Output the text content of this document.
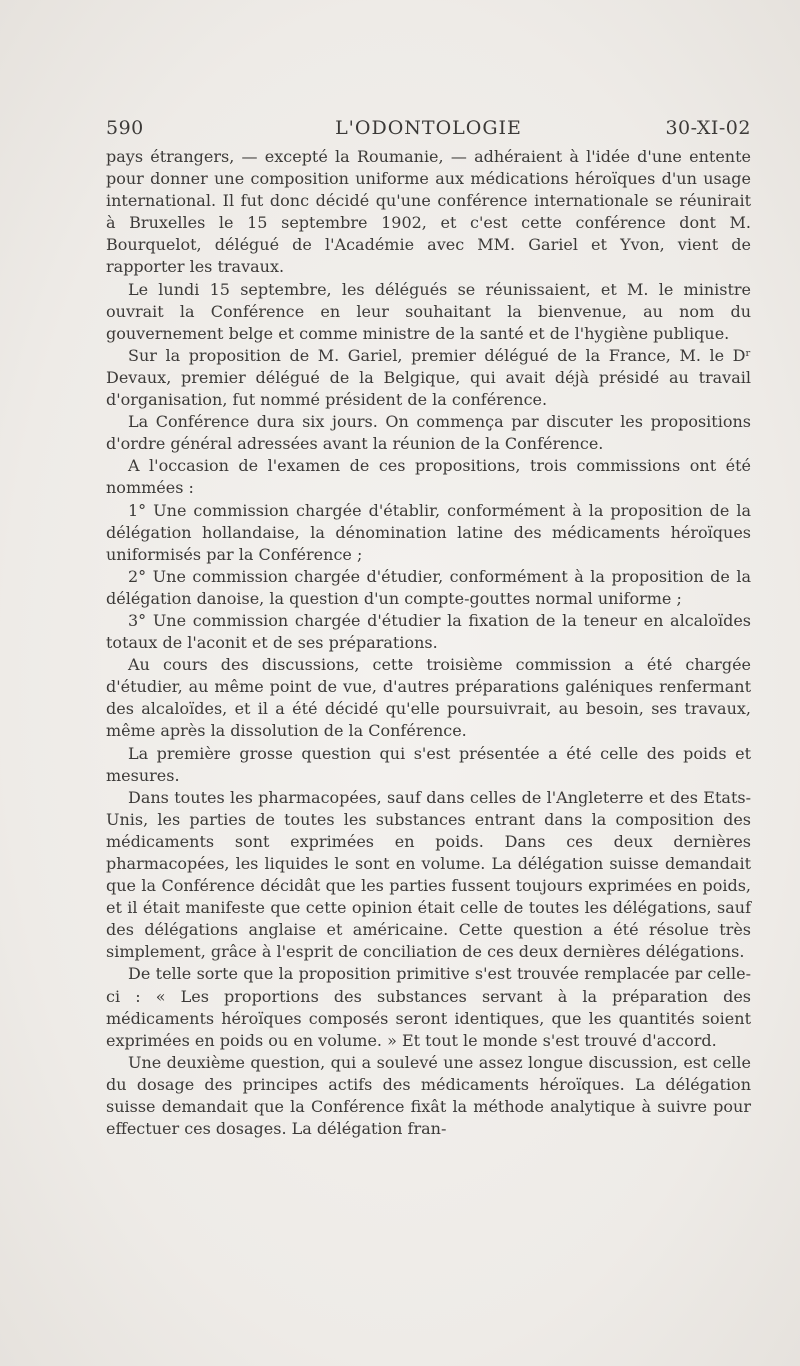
590	L'ODONTOLOGIE	30-XI-02

pays étrangers, — excepté la Roumanie, — adhéraient à l'idée d'une entente pour donner une composition uniforme aux médications héroïques d'un usage international. Il fut donc décidé qu'une conférence internationale se réunirait à Bruxelles le 15 septembre 1902, et c'est cette conférence dont M. Bourquelot, délégué de l'Académie avec MM. Gariel et Yvon, vient de rapporter les travaux.

Le lundi 15 septembre, les délégués se réunissaient, et M. le ministre ouvrait la Conférence en leur souhaitant la bienvenue, au nom du gouvernement belge et comme ministre de la santé et de l'hygiène publique.

Sur la proposition de M. Gariel, premier délégué de la France, M. le Dʳ Devaux, premier délégué de la Belgique, qui avait déjà présidé au travail d'organisation, fut nommé président de la conférence.

La Conférence dura six jours. On commença par discuter les propositions d'ordre général adressées avant la réunion de la Conférence.

A l'occasion de l'examen de ces propositions, trois commissions ont été nommées :

1° Une commission chargée d'établir, conformément à la proposition de la délégation hollandaise, la dénomination latine des médicaments héroïques uniformisés par la Conférence ;

2° Une commission chargée d'étudier, conformément à la proposition de la délégation danoise, la question d'un compte-gouttes normal uniforme ;

3° Une commission chargée d'étudier la fixation de la teneur en alcaloïdes totaux de l'aconit et de ses préparations.

Au cours des discussions, cette troisième commission a été chargée d'étudier, au même point de vue, d'autres préparations galéniques renfermant des alcaloïdes, et il a été décidé qu'elle poursuivrait, au besoin, ses travaux, même après la dissolution de la Conférence.

La première grosse question qui s'est présentée a été celle des poids et mesures.

Dans toutes les pharmacopées, sauf dans celles de l'Angleterre et des Etats-Unis, les parties de toutes les substances entrant dans la composition des médicaments sont exprimées en poids. Dans ces deux dernières pharmacopées, les liquides le sont en volume. La délégation suisse demandait que la Conférence décidât que les parties fussent toujours exprimées en poids, et il était manifeste que cette opinion était celle de toutes les délégations, sauf des délégations anglaise et américaine. Cette question a été résolue très simplement, grâce à l'esprit de conciliation de ces deux dernières délégations.

De telle sorte que la proposition primitive s'est trouvée remplacée par celle-ci : « Les proportions des substances servant à la préparation des médicaments héroïques composés seront identiques, que les quantités soient exprimées en poids ou en volume. » Et tout le monde s'est trouvé d'accord.

Une deuxième question, qui a soulevé une assez longue discussion, est celle du dosage des principes actifs des médicaments héroïques. La délégation suisse demandait que la Conférence fixât la méthode analytique à suivre pour effectuer ces dosages. La délégation fran-
